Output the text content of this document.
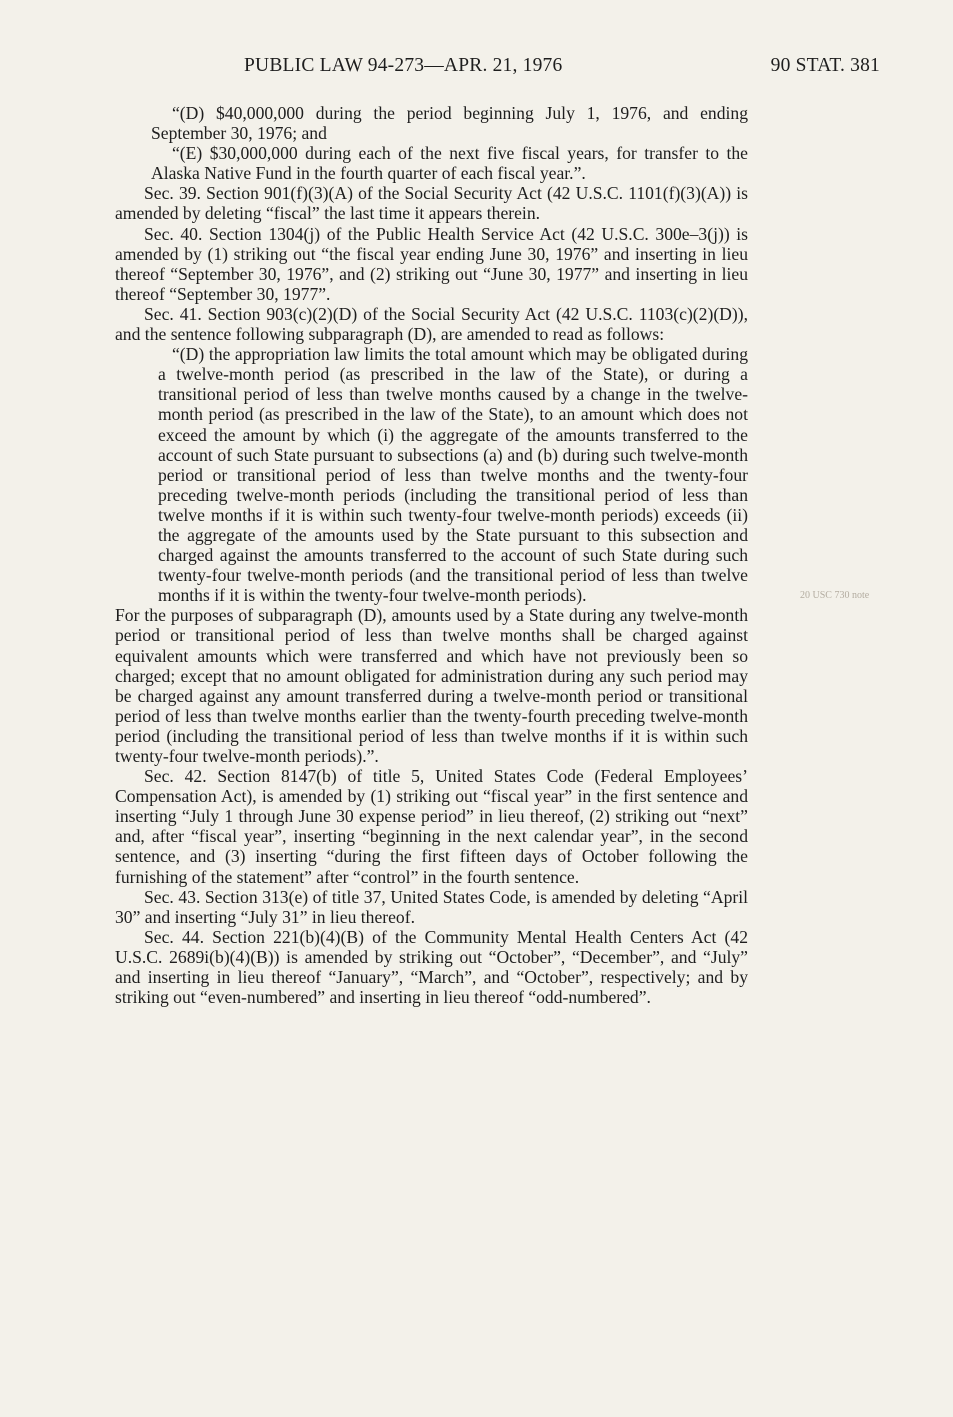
PUBLIC LAW 94-273—APR. 21, 1976	90 STAT. 381
20 USC 730 note

“(D) $40,000,000 during the period beginning July 1, 1976, and ending September 30, 1976; and

“(E) $30,000,000 during each of the next five fiscal years, for transfer to the Alaska Native Fund in the fourth quarter of each fiscal year.”.

Sec. 39. Section 901(f)(3)(A) of the Social Security Act (42 U.S.C. 1101(f)(3)(A)) is amended by deleting “fiscal” the last time it appears therein.

Sec. 40. Section 1304(j) of the Public Health Service Act (42 U.S.C. 300e–3(j)) is amended by (1) striking out “the fiscal year ending June 30, 1976” and inserting in lieu thereof “September 30, 1976”, and (2) striking out “June 30, 1977” and inserting in lieu thereof “September 30, 1977”.

Sec. 41. Section 903(c)(2)(D) of the Social Security Act (42 U.S.C. 1103(c)(2)(D)), and the sentence following subparagraph (D), are amended to read as follows:

“(D) the appropriation law limits the total amount which may be obligated during a twelve-month period (as prescribed in the law of the State), or during a transitional period of less than twelve months caused by a change in the twelve-month period (as prescribed in the law of the State), to an amount which does not exceed the amount by which (i) the aggregate of the amounts transferred to the account of such State pursuant to subsections (a) and (b) during such twelve-month period or transitional period of less than twelve months and the twenty-four preceding twelve-month periods (including the transitional period of less than twelve months if it is within such twenty-four twelve-month periods) exceeds (ii) the aggregate of the amounts used by the State pursuant to this subsection and charged against the amounts transferred to the account of such State during such twenty-four twelve-month periods (and the transitional period of less than twelve months if it is within the twenty-four twelve-month periods).

For the purposes of subparagraph (D), amounts used by a State during any twelve-month period or transitional period of less than twelve months shall be charged against equivalent amounts which were transferred and which have not previously been so charged; except that no amount obligated for administration during any such period may be charged against any amount transferred during a twelve-month period or transitional period of less than twelve months earlier than the twenty-fourth preceding twelve-month period (including the transitional period of less than twelve months if it is within such twenty-four twelve-month periods).”.

Sec. 42. Section 8147(b) of title 5, United States Code (Federal Employees’ Compensation Act), is amended by (1) striking out “fiscal year” in the first sentence and inserting “July 1 through June 30 expense period” in lieu thereof, (2) striking out “next” and, after “fiscal year”, inserting “beginning in the next calendar year”, in the second sentence, and (3) inserting “during the first fifteen days of October following the furnishing of the statement” after “control” in the fourth sentence.

Sec. 43. Section 313(e) of title 37, United States Code, is amended by deleting “April 30” and inserting “July 31” in lieu thereof.

Sec. 44. Section 221(b)(4)(B) of the Community Mental Health Centers Act (42 U.S.C. 2689i(b)(4)(B)) is amended by striking out “October”, “December”, and “July” and inserting in lieu thereof “January”, “March”, and “October”, respectively; and by striking out “even-numbered” and inserting in lieu thereof “odd-numbered”.
